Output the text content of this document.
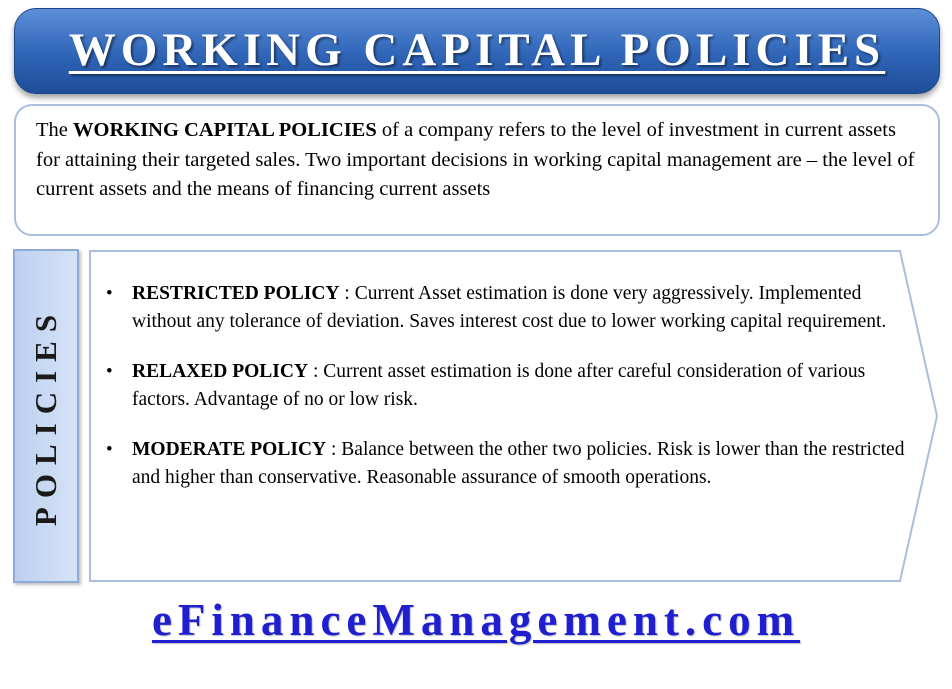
WORKING CAPITAL POLICIES
The WORKING CAPITAL POLICIES of a company refers to the level of investment in current assets for attaining their targeted sales. Two important decisions in working capital management are – the level of current assets and the means of financing current assets
POLICIES
• RESTRICTED POLICY : Current Asset estimation is done very aggressively. Implemented without any tolerance of deviation. Saves interest cost due to lower working capital requirement.
• RELAXED POLICY : Current asset estimation is done after careful consideration of various factors. Advantage of no or low risk.
• MODERATE POLICY : Balance between the other two policies. Risk is lower than the restricted and higher than conservative. Reasonable assurance of smooth operations.
eFinanceManagement.com
